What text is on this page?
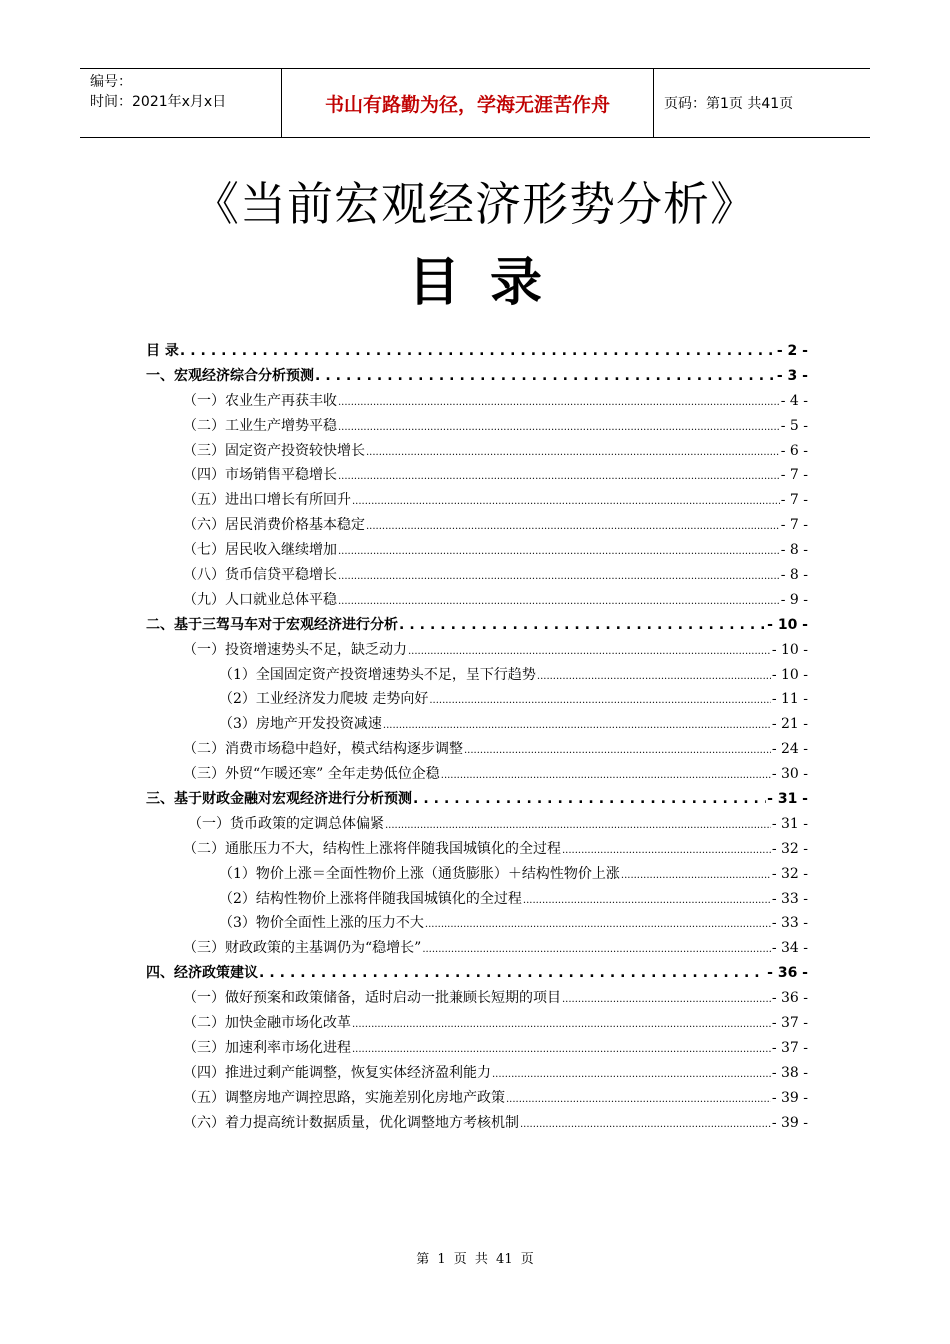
编号：
时间：2021年x月x日	书山有路勤为径，学海无涯苦作舟	页码：第1页 共41页
《当前宏观经济形势分析》
目录
目 录 .....	- 2 -
一、宏观经济综合分析预测 .....	- 3 -
（一）农业生产再获丰收 .....	- 4 -
（二）工业生产增势平稳 .....	- 5 -
（三）固定资产投资较快增长 .....	- 6 -
（四）市场销售平稳增长 .....	- 7 -
（五）进出口增长有所回升 .....	- 7 -
（六）居民消费价格基本稳定 .....	- 7 -
（七）居民收入继续增加 .....	- 8 -
（八）货币信贷平稳增长 .....	- 8 -
（九）人口就业总体平稳 .....	- 9 -
二、基于三驾马车对于宏观经济进行分析 .....	- 10 -
（一）投资增速势头不足，缺乏动力 .....	- 10 -
（1）全国固定资产投资增速势头不足，呈下行趋势 .....	- 10 -
（2）工业经济发力爬坡 走势向好 .....	- 11 -
（3）房地产开发投资减速 .....	- 21 -
（二）消费市场稳中趋好，模式结构逐步调整 .....	- 24 -
（三）外贸“乍暖还寒” 全年走势低位企稳 .....	- 30 -
三、基于财政金融对宏观经济进行分析预测 .....	- 31 -
（一）货币政策的定调总体偏紧 .....	- 31 -
（二）通胀压力不大，结构性上涨将伴随我国城镇化的全过程 .....	- 32 -
（1）物价上涨＝全面性物价上涨（通货膨胀）＋结构性物价上涨 .....	- 32 -
（2）结构性物价上涨将伴随我国城镇化的全过程 .....	- 33 -
（3）物价全面性上涨的压力不大 .....	- 33 -
（三）财政政策的主基调仍为“稳增长” .....	- 34 -
四、经济政策建议 .....	- 36 -
（一）做好预案和政策储备，适时启动一批兼顾长短期的项目 .....	- 36 -
（二）加快金融市场化改革 .....	- 37 -
（三）加速利率市场化进程 .....	- 37 -
（四）推进过剩产能调整，恢复实体经济盈利能力 .....	- 38 -
（五）调整房地产调控思路，实施差别化房地产政策 .....	- 39 -
（六）着力提高统计数据质量，优化调整地方考核机制 .....	- 39 -
第 1 页 共 41 页
